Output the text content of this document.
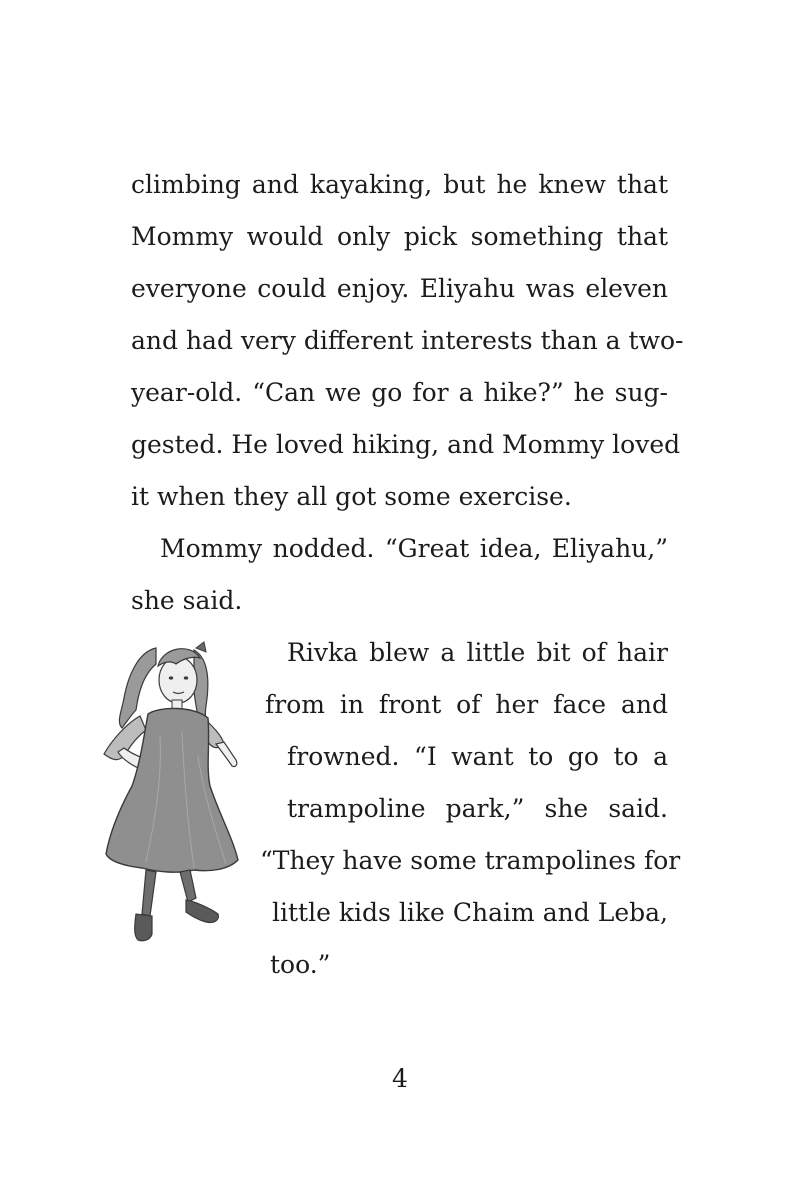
climbing and kayaking, but he knew that
Mommy would only pick something that
everyone could enjoy. Eliyahu was eleven
and had very different interests than a two-
year-old. “Can we go for a hike?” he sug-
gested. He loved hiking, and Mommy loved
it when they all got some exercise.
Mommy nodded. “Great idea, Eliyahu,”
she said.
Rivka blew a little bit of hair
from in front of her face and
frowned. “I want to go to a
trampoline park,” she said.
“They have some trampolines for
little kids like Chaim and Leba,
too.”
4
